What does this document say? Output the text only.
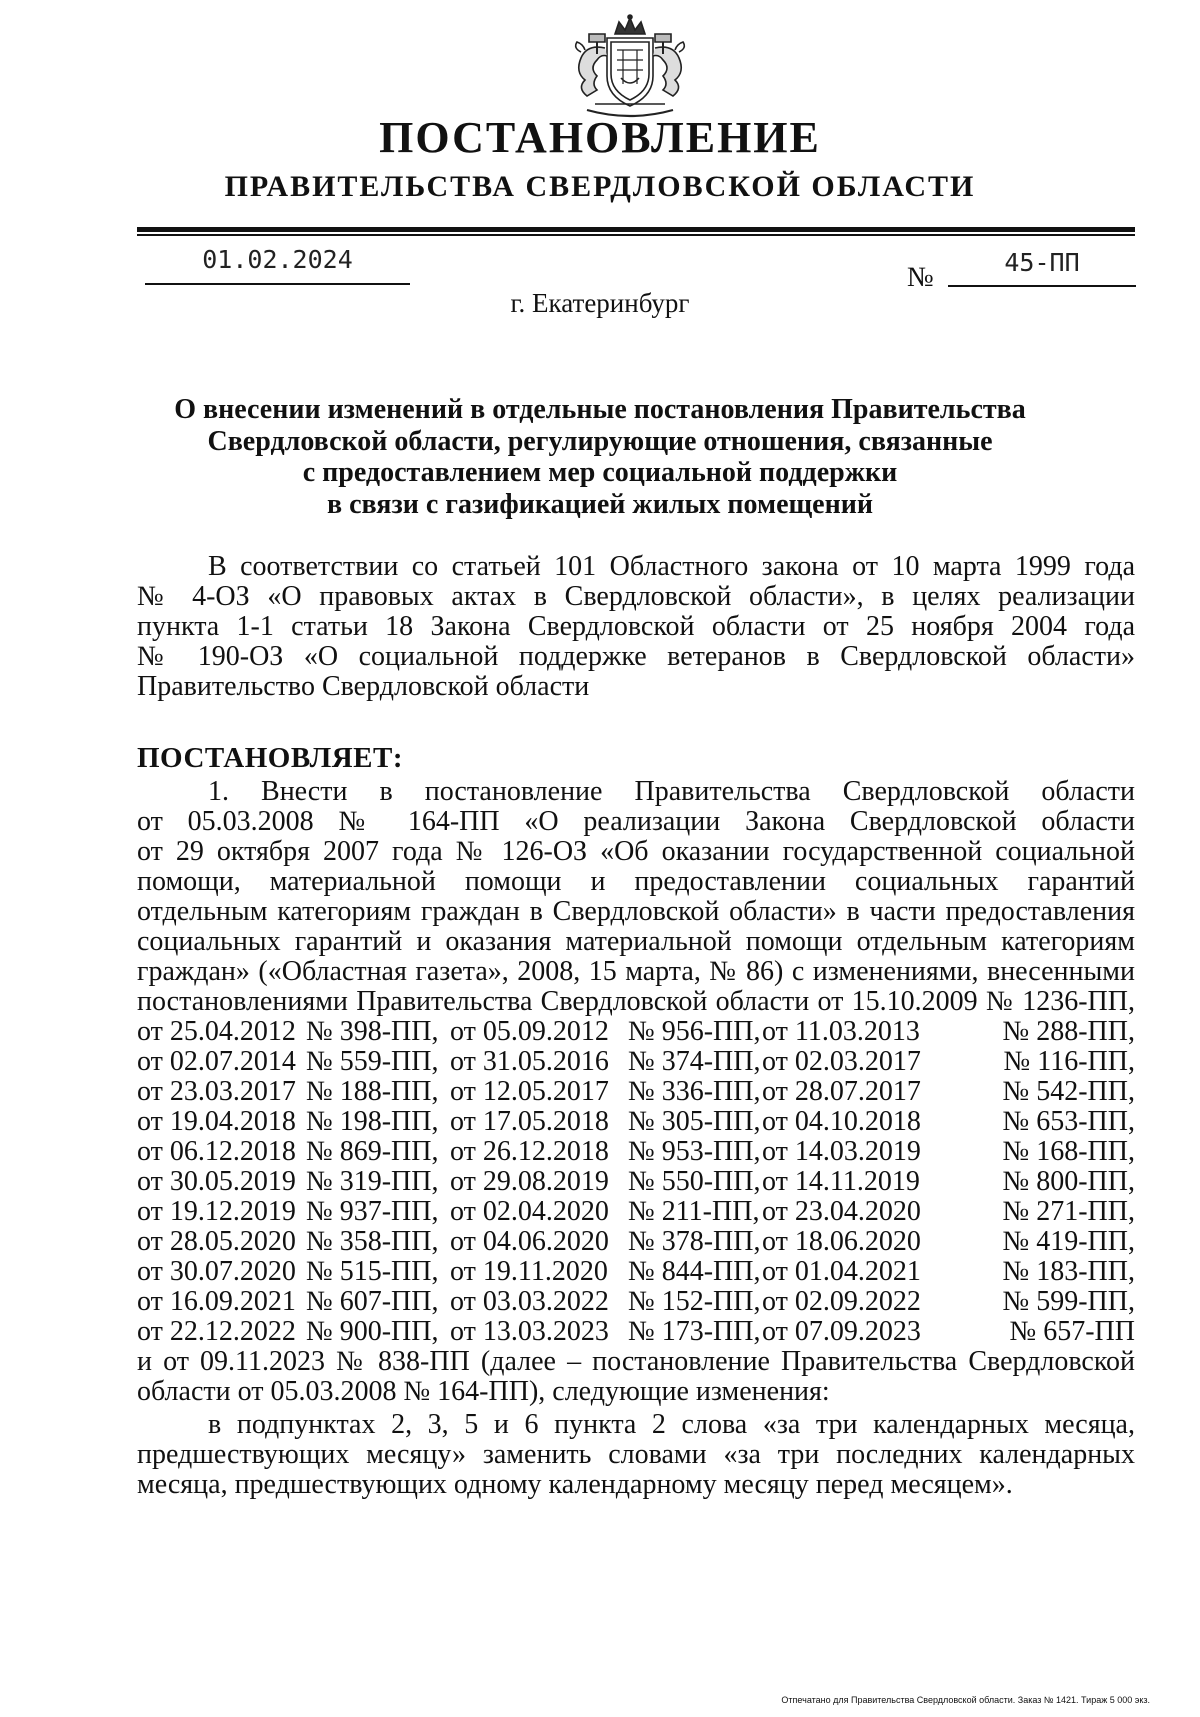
ПОСТАНОВЛЕНИЕ
ПРАВИТЕЛЬСТВА СВЕРДЛОВСКОЙ ОБЛАСТИ
01.02.2024
№	45-ПП
г. Екатеринбург
О внесении изменений в отдельные постановления Правительства
Свердловской области, регулирующие отношения, связанные
с предоставлением мер социальной поддержки
в связи с газификацией жилых помещений
В соответствии со статьей 101 Областного закона от 10 марта 1999 года
№ 4-ОЗ «О правовых актах в Свердловской области», в целях реализации
пункта 1-1 статьи 18 Закона Свердловской области от 25 ноября 2004 года
№ 190-ОЗ «О социальной поддержке ветеранов в Свердловской области»
Правительство Свердловской области
ПОСТАНОВЛЯЕТ:
1. Внести в постановление Правительства Свердловской области
от 05.03.2008 № 164-ПП «О реализации Закона Свердловской области
от 29 октября 2007 года № 126-ОЗ «Об оказании государственной социальной
помощи, материальной помощи и предоставлении социальных гарантий
отдельным категориям граждан в Свердловской области» в части предоставления
социальных гарантий и оказания материальной помощи отдельным категориям
граждан» («Областная газета», 2008, 15 марта, № 86) с изменениями, внесенными
постановлениями Правительства Свердловской области от 15.10.2009 № 1236-ПП,
от 25.04.2012 № 398-ПП, от 05.09.2012 № 956-ПП, от 11.03.2013	№ 288-ПП,
от 02.07.2014 № 559-ПП, от 31.05.2016 № 374-ПП, от 02.03.2017	№ 116-ПП,
от 23.03.2017 № 188-ПП, от 12.05.2017 № 336-ПП, от 28.07.2017	№ 542-ПП,
от 19.04.2018 № 198-ПП, от 17.05.2018 № 305-ПП, от 04.10.2018	№ 653-ПП,
от 06.12.2018 № 869-ПП, от 26.12.2018 № 953-ПП, от 14.03.2019	№ 168-ПП,
от 30.05.2019 № 319-ПП, от 29.08.2019 № 550-ПП, от 14.11.2019	№ 800-ПП,
от 19.12.2019 № 937-ПП, от 02.04.2020 № 211-ПП, от 23.04.2020	№ 271-ПП,
от 28.05.2020 № 358-ПП, от 04.06.2020 № 378-ПП, от 18.06.2020	№ 419-ПП,
от 30.07.2020 № 515-ПП, от 19.11.2020 № 844-ПП, от 01.04.2021	№ 183-ПП,
от 16.09.2021 № 607-ПП, от 03.03.2022 № 152-ПП, от 02.09.2022	№ 599-ПП,
от 22.12.2022 № 900-ПП, от 13.03.2023 № 173-ПП, от 07.09.2023	№ 657-ПП
и от 09.11.2023 № 838-ПП (далее – постановление Правительства Свердловской
области от 05.03.2008 № 164-ПП), следующие изменения:
в подпунктах 2, 3, 5 и 6 пункта 2 слова «за три календарных месяца,
предшествующих месяцу» заменить словами «за три последних календарных
месяца, предшествующих одному календарному месяцу перед месяцем».
Отпечатано для Правительства Свердловской области. Заказ № 1421. Тираж 5 000 экз.
